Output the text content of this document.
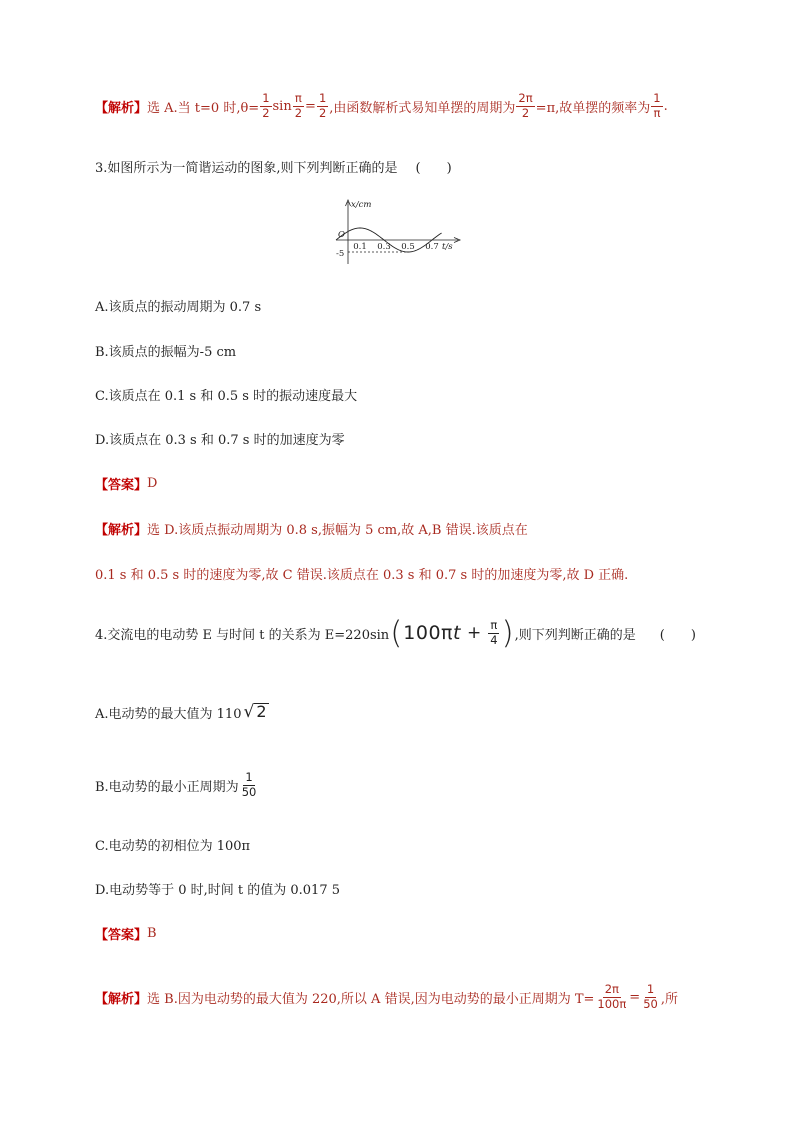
【解析】 选 A.当 t=0 时$,\theta= \frac{1}{2}$ $\sin \frac{\pi}{2} = \frac{1}{2}$ ,由函数解析式易知单摆的周期为 $\frac{2\pi}{2} =\pi$,故单摆的频率为 $\frac{1}{\pi}$ .
3.如图所示为一简谐运动的图象,则下列判断正确的是 (　　)
x/cm
O
-5
0.1 0.3 0.5 0.7 t/s
A.该质点的振动周期为 0.7 s
B.该质点的振幅为-5 cm
C.该质点在 0.1 s 和 0.5 s 时的振动速度最大
D.该质点在 0.3 s 和 0.7 s 时的加速度为零
【答案】 D
【解析】 选 D.该质点振动周期为 0.8 s,振幅为 5 cm,故 A,B 错误.该质点在
0.1 s 和 0.5 s 时的速度为零,故 C 错误.该质点在 0.3 s 和 0.7 s 时的加速度为零,故 D 正确.
4.交流电的电动势 E 与时间 t 的关系为 E=220sin ( 100π $t + \frac{\pi}{4}$ ) ,则下列判断正确的是 (　　)
A.电动势的最大值为 110 √ 2
B.电动势的最小正周期为 $\frac{1}{50}$
C.电动势的初相位为 100π
D.电动势等于 0 时,时间 t 的值为 0.017 5
【答案】 B
【解析】 选 B.因为电动势的最大值为 220,所以 A 错误,因为电动势的最小正周期为 $T= \frac{2\pi}{100\pi} = \frac{1}{50}$ ,所
